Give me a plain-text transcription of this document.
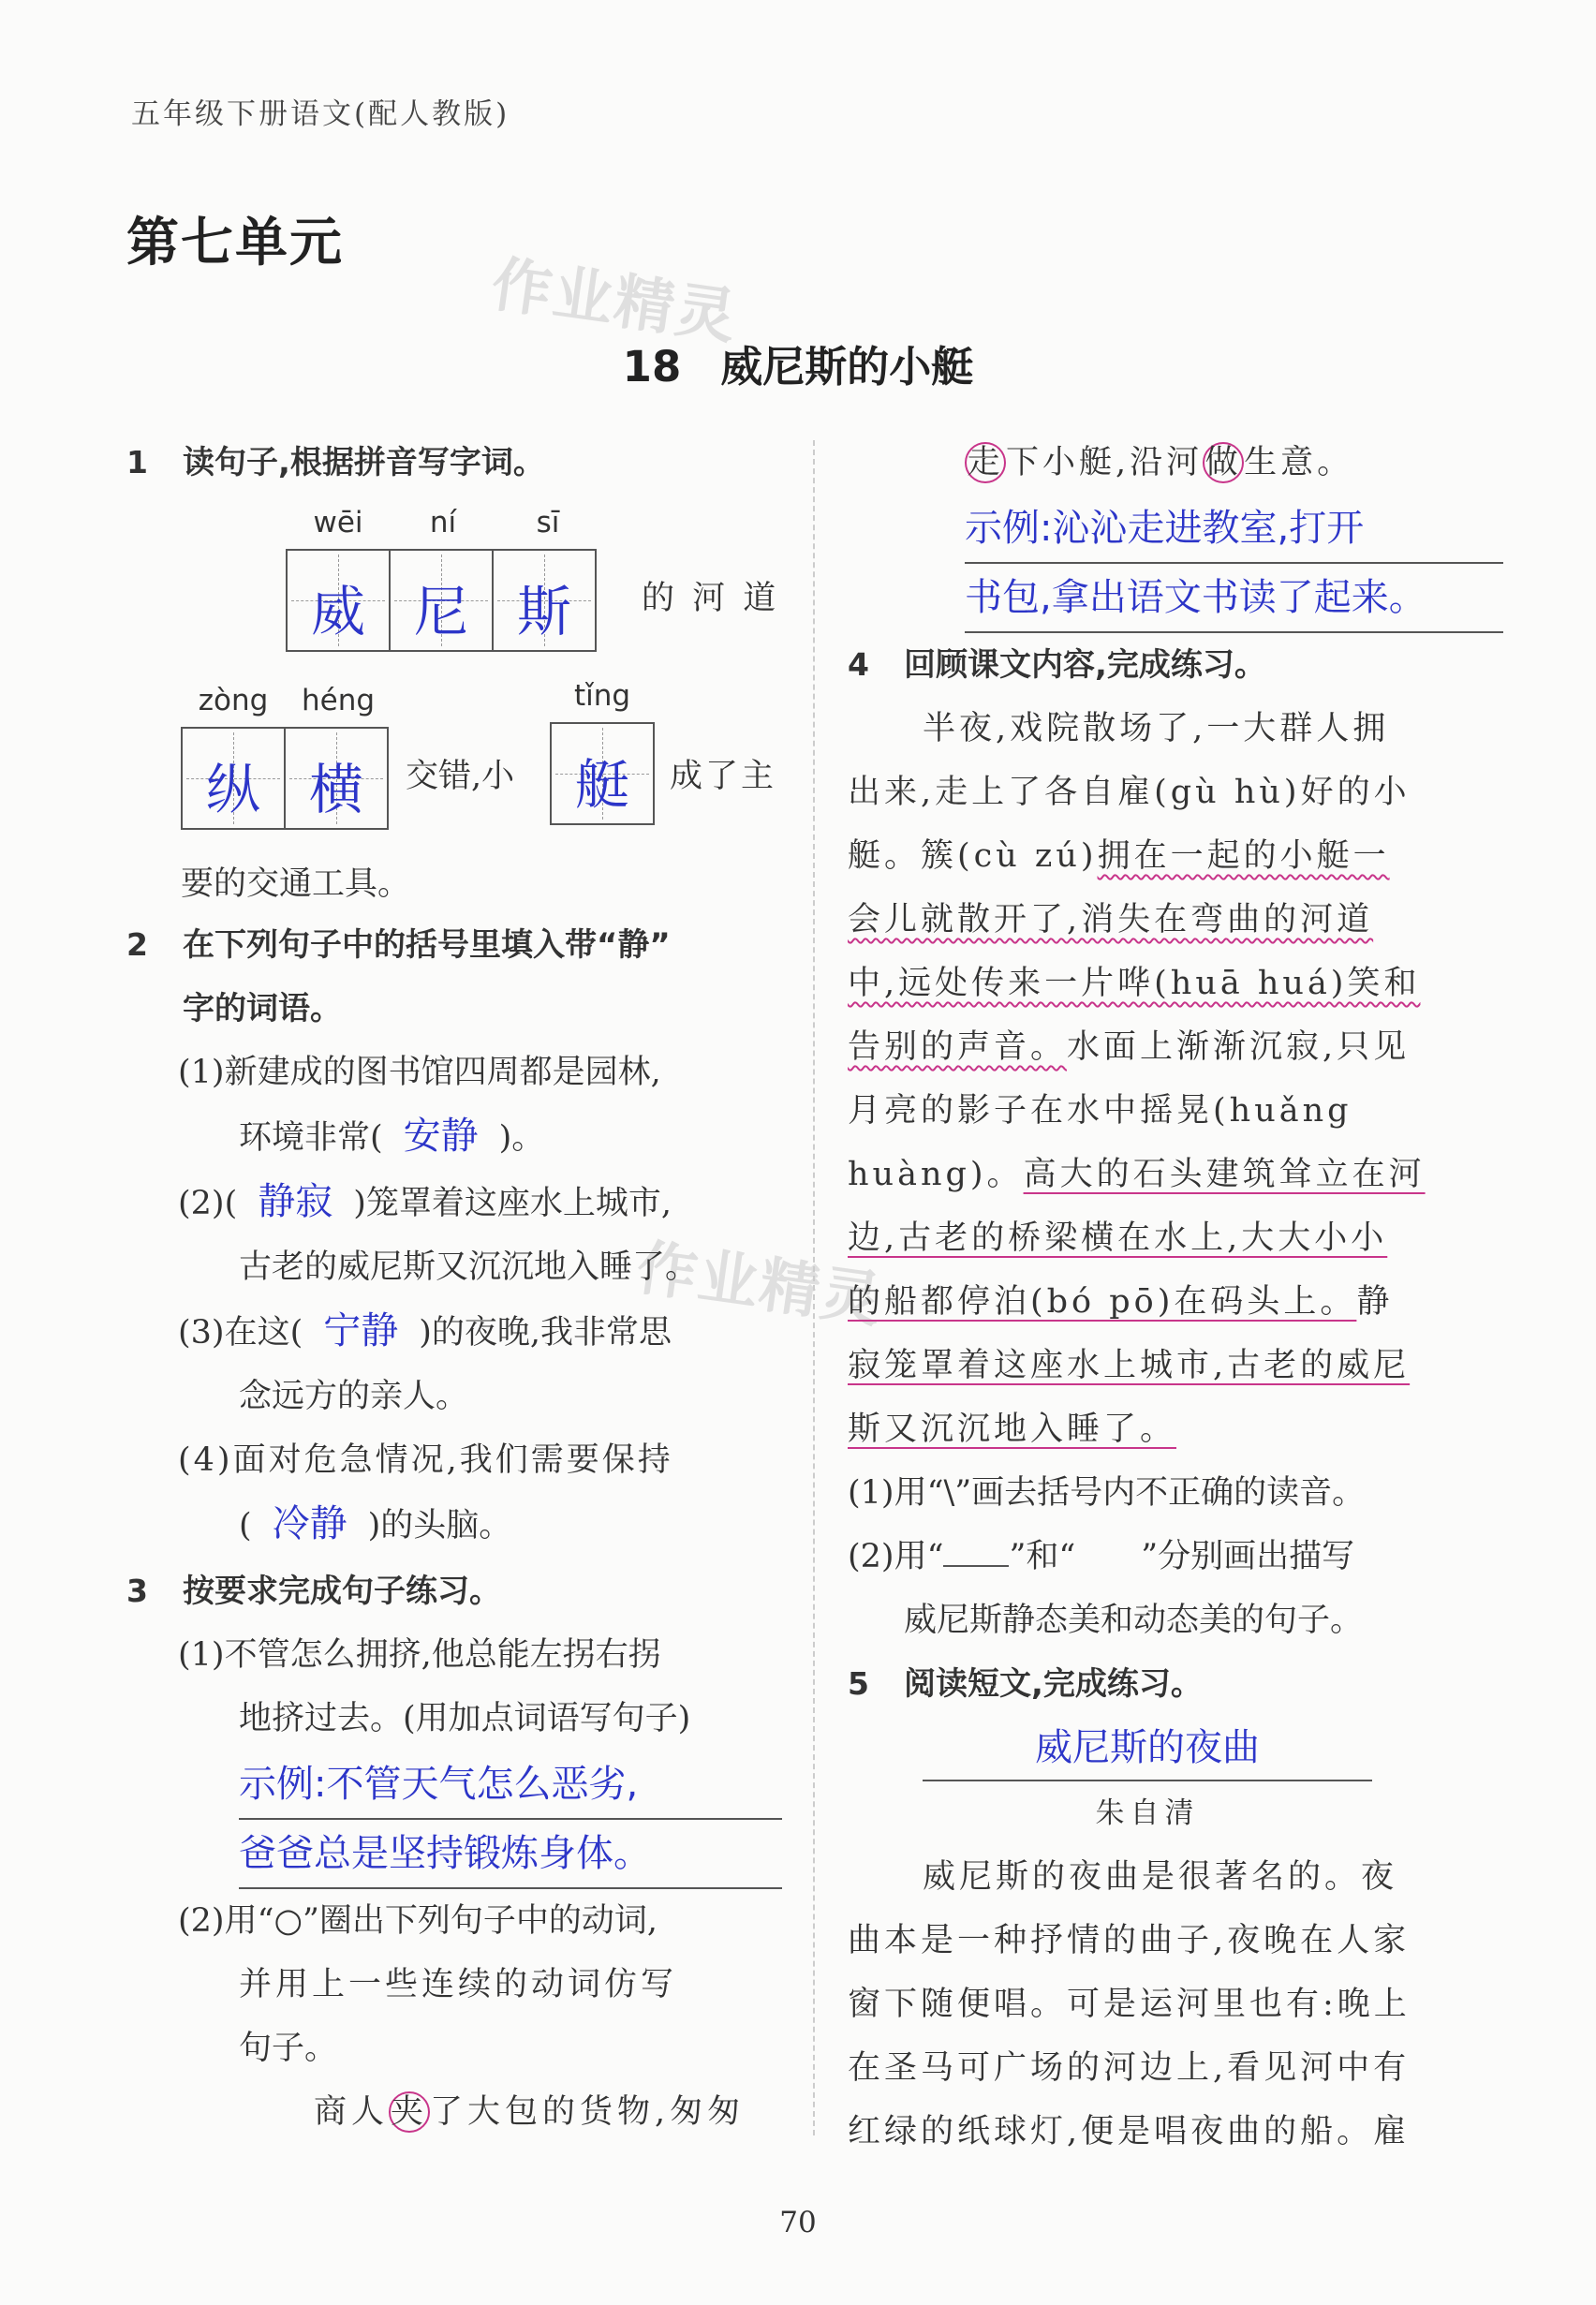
五年级下册语文(配人教版)
第七单元
作业精灵
作业精灵
18 威尼斯的小艇
1 读句子,根据拼音写字词。
wēi	ní	sī
威 尼 斯	的 河 道
zòng	héng
纵 横	交错,小
tǐng
艇	成了主
要的交通工具。
2 在下列句子中的括号里填入带“静”
字的词语。
(1)新建成的图书馆四周都是园林,
环境非常( 安静 )。
(2)( 静寂 )笼罩着这座水上城市,
古老的威尼斯又沉沉地入睡了。
(3)在这( 宁静 )的夜晚,我非常思
念远方的亲人。
(4)面对危急情况,我们需要保持
( 冷静 )的头脑。
3 按要求完成句子练习。
(1)不管怎么拥挤,他总能左拐右拐
地挤过去。(用加点词语写句子)
示例:不管天气怎么恶劣,
爸爸总是坚持锻炼身体。
(2)用“○”圈出下列句子中的动词,
并用上一些连续的动词仿写
句子。
商人夹了大包的货物,匆匆
走下小艇,沿河做生意。
示例:沁沁走进教室,打开
书包,拿出语文书读了起来。
4 回顾课文内容,完成练习。
半夜,戏院散场了,一大群人拥
出来,走上了各自雇(gù hù)好的小
艇。簇(cù zú)拥在一起的小艇一
会儿就散开了,消失在弯曲的河道
中,远处传来一片哗(huā huá)笑和
告别的声音。水面上渐渐沉寂,只见
月亮的影子在水中摇晃(huǎng
huàng)。高大的石头建筑耸立在河
边,古老的桥梁横在水上,大大小小
的船都停泊(bó pō)在码头上。静
寂笼罩着这座水上城市,古老的威尼
斯又沉沉地入睡了。
(1)用“\”画去括号内不正确的读音。
(2)用“ ”和“ ”分别画出描写
威尼斯静态美和动态美的句子。
5 阅读短文,完成练习。
威尼斯的夜曲
朱自清
威尼斯的夜曲是很著名的。夜
曲本是一种抒情的曲子,夜晚在人家
窗下随便唱。可是运河里也有:晚上
在圣马可广场的河边上,看见河中有
红绿的纸球灯,便是唱夜曲的船。雇
70
